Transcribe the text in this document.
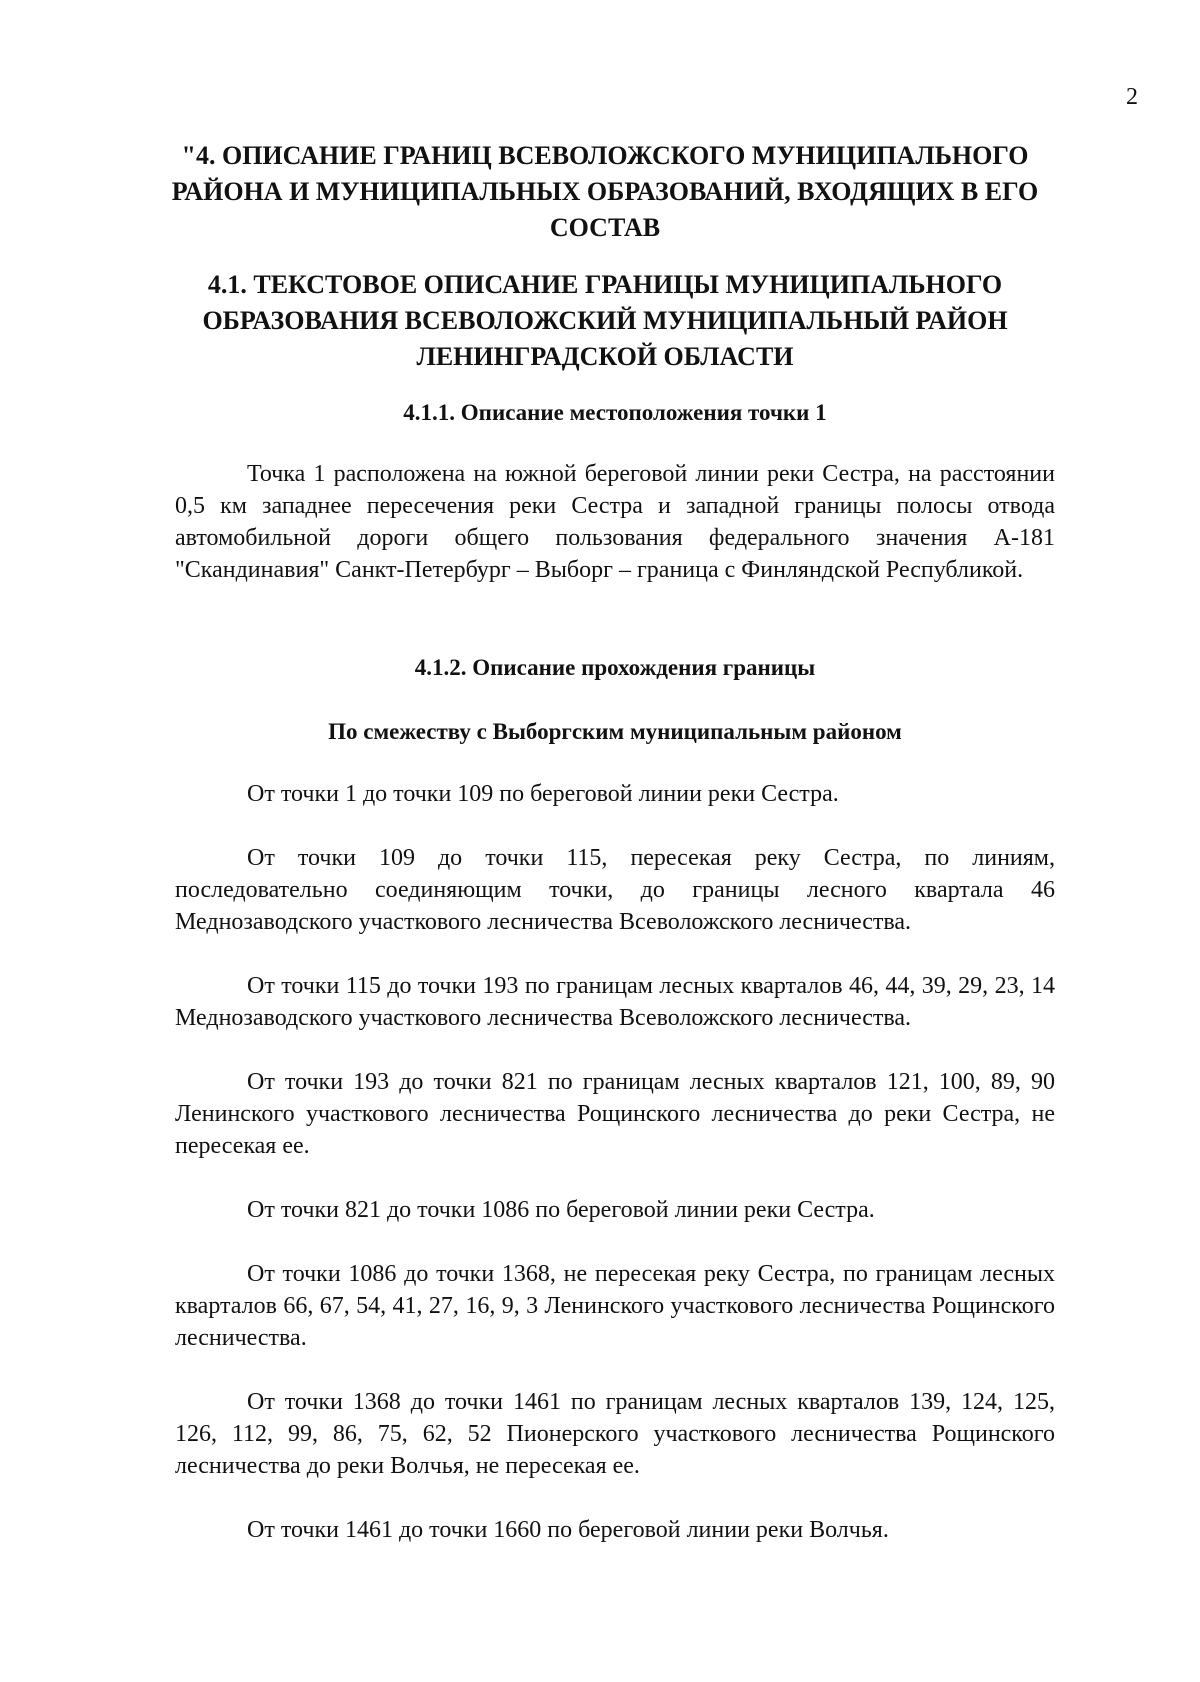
2
"4. ОПИСАНИЕ ГРАНИЦ ВСЕВОЛОЖСКОГО МУНИЦИПАЛЬНОГО РАЙОНА И МУНИЦИПАЛЬНЫХ ОБРАЗОВАНИЙ, ВХОДЯЩИХ В ЕГО СОСТАВ
4.1. ТЕКСТОВОЕ ОПИСАНИЕ ГРАНИЦЫ МУНИЦИПАЛЬНОГО ОБРАЗОВАНИЯ ВСЕВОЛОЖСКИЙ МУНИЦИПАЛЬНЫЙ РАЙОН ЛЕНИНГРАДСКОЙ ОБЛАСТИ
4.1.1. Описание местоположения точки 1

Точка 1 расположена на южной береговой линии реки Сестра, на расстоянии 0,5 км западнее пересечения реки Сестра и западной границы полосы отвода автомобильной дороги общего пользования федерального значения А-181 "Скандинавия" Санкт-Петербург – Выборг – граница с Финляндской Республикой.

4.1.2. Описание прохождения границы
По смежеству с Выборгским муниципальным районом

От точки 1 до точки 109 по береговой линии реки Сестра.

От точки 109 до точки 115, пересекая реку Сестра, по линиям, последовательно соединяющим точки, до границы лесного квартала 46 Меднозаводского участкового лесничества Всеволожского лесничества.

От точки 115 до точки 193 по границам лесных кварталов 46, 44, 39, 29, 23, 14 Меднозаводского участкового лесничества Всеволожского лесничества.

От точки 193 до точки 821 по границам лесных кварталов 121, 100, 89, 90 Ленинского участкового лесничества Рощинского лесничества до реки Сестра, не пересекая ее.

От точки 821 до точки 1086 по береговой линии реки Сестра.

От точки 1086 до точки 1368, не пересекая реку Сестра, по границам лесных кварталов 66, 67, 54, 41, 27, 16, 9, 3 Ленинского участкового лесничества Рощинского лесничества.

От точки 1368 до точки 1461 по границам лесных кварталов 139, 124, 125, 126, 112, 99, 86, 75, 62, 52 Пионерского участкового лесничества Рощинского лесничества до реки Волчья, не пересекая ее.

От точки 1461 до точки 1660 по береговой линии реки Волчья.
